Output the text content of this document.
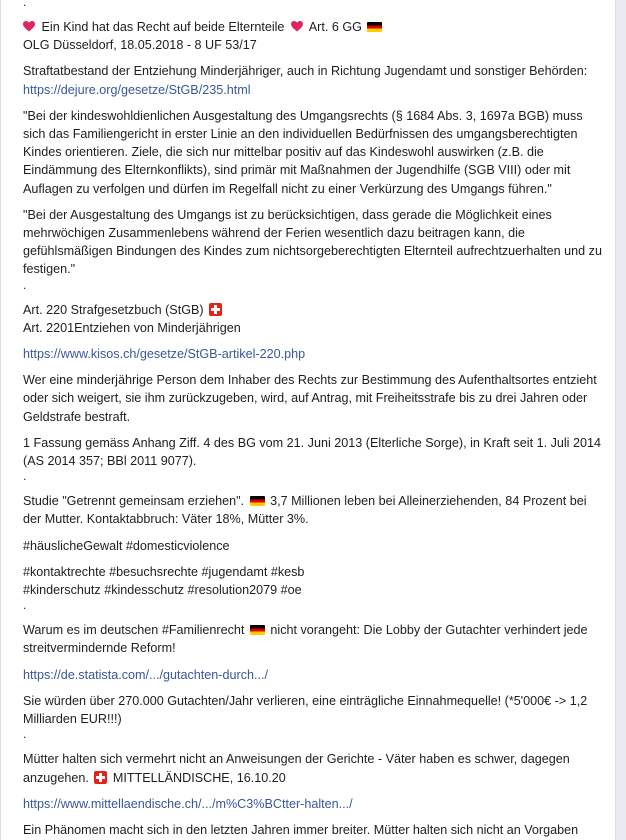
.

Ein Kind hat das Recht auf beide Elternteile Art. 6 GG

OLG Düsseldorf, 18.05.2018 - 8 UF 53/17

Straftatbestand der Entziehung Minderjähriger, auch in Richtung Jugendamt und sonstiger Behörden: https://dejure.org/gesetze/StGB/235.html

"Bei der kindeswohldienlichen Ausgestaltung des Umgangsrechts (§ 1684 Abs. 3, 1697a BGB) muss sich das Familiengericht in erster Linie an den individuellen Bedürfnissen des umgangsberechtigten Kindes orientieren. Ziele, die sich nur mittelbar positiv auf das Kindeswohl auswirken (z.B. die Eindämmung des Elternkonflikts), sind primär mit Maßnahmen der Jugendhilfe (SGB VIII) oder mit Auflagen zu verfolgen und dürfen im Regelfall nicht zu einer Verkürzung des Umgangs führen."

"Bei der Ausgestaltung des Umgangs ist zu berücksichtigen, dass gerade die Möglichkeit eines mehrwöchigen Zusammenlebens während der Ferien wesentlich dazu beitragen kann, die gefühlsmäßigen Bindungen des Kindes zum nichtsorgeberechtigten Elternteil aufrechtzuerhalten und zu festigen."

.

Art. 220 Strafgesetzbuch (StGB)

Art. 2201Entziehen von Minderjährigen

https://www.kisos.ch/gesetze/StGB-artikel-220.php

Wer eine minderjährige Person dem Inhaber des Rechts zur Bestimmung des Aufenthaltsortes entzieht oder sich weigert, sie ihm zurückzugeben, wird, auf Antrag, mit Freiheitsstrafe bis zu drei Jahren oder Geldstrafe bestraft.

1 Fassung gemäss Anhang Ziff. 4 des BG vom 21. Juni 2013 (Elterliche Sorge), in Kraft seit 1. Juli 2014 (AS 2014 357; BBl 2011 9077).

.

Studie "Getrennt gemeinsam erziehen". 3,7 Millionen leben bei Alleinerziehenden, 84 Prozent bei der Mutter. Kontaktabbruch: Väter 18%, Mütter 3%.

#häuslicheGewalt #domesticviolence

#kontaktrechte #besuchsrechte #jugendamt #kesb

#kinderschutz #kindesschutz #resolution2079 #oe

.

Warum es im deutschen #Familienrecht nicht vorangeht: Die Lobby der Gutachter verhindert jede streitvermindernde Reform!

https://de.statista.com/.../gutachten-durch.../

Sie würden über 270.000 Gutachten/Jahr verlieren, eine einträgliche Einnahmequelle! (*5'000€ -> 1,2 Milliarden EUR!!!)

.

Mütter halten sich vermehrt nicht an Anweisungen der Gerichte - Väter haben es schwer, dagegen anzugehen. MITTELLÄNDISCHE, 16.10.20

https://www.mittellaendische.ch/.../m%C3%BCtter-halten.../

Ein Phänomen macht sich in den letzten Jahren immer breiter. Mütter halten sich nicht an Vorgaben
